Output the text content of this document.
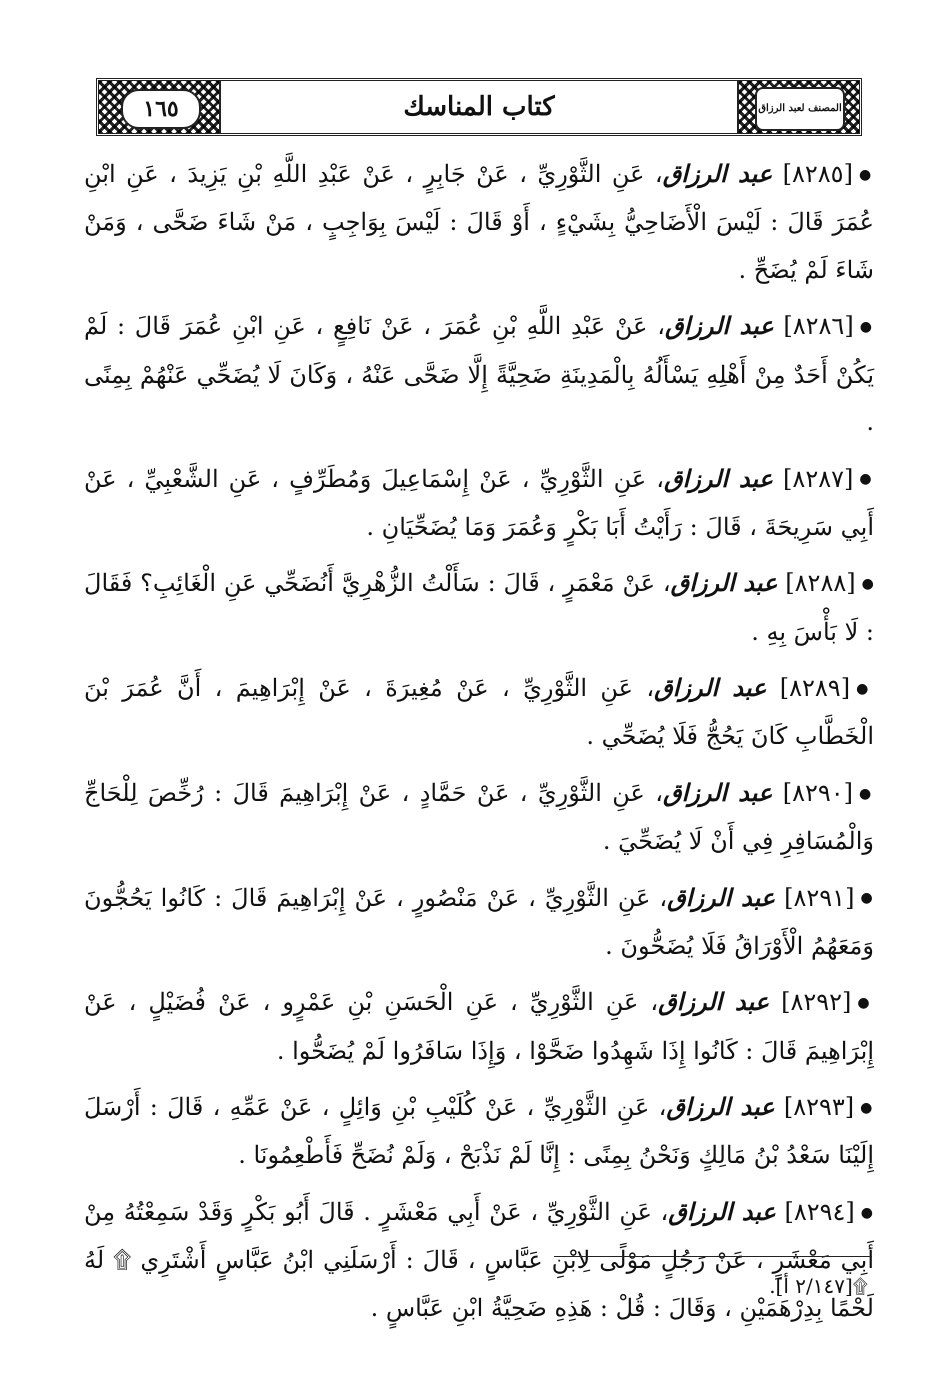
١٦٥	كتاب المناسك	المصنف لعبد الرزاق

●[٨٢٨٥] عبد الرزاق، عَنِ الثَّوْرِيِّ ، عَنْ جَابِرٍ ، عَنْ عَبْدِ اللَّهِ بْنِ يَزِيدَ ، عَنِ ابْنِ عُمَرَ قَالَ : لَيْسَ الْأَضَاحِيُّ بِشَيْءٍ ، أَوْ قَالَ : لَيْسَ بِوَاجِبٍ ، مَنْ شَاءَ ضَحَّى ، وَمَنْ شَاءَ لَمْ يُضَحِّ .

●[٨٢٨٦] عبد الرزاق، عَنْ عَبْدِ اللَّهِ بْنِ عُمَرَ ، عَنْ نَافِعٍ ، عَنِ ابْنِ عُمَرَ قَالَ : لَمْ يَكُنْ أَحَدٌ مِنْ أَهْلِهِ يَسْأَلُهُ بِالْمَدِينَةِ ضَحِيَّةً إِلَّا ضَحَّى عَنْهُ ، وَكَانَ لَا يُضَحِّي عَنْهُمْ بِمِنًى .

●[٨٢٨٧] عبد الرزاق، عَنِ الثَّوْرِيِّ ، عَنْ إِسْمَاعِيلَ وَمُطَرِّفٍ ، عَنِ الشَّعْبِيِّ ، عَنْ أَبِي سَرِيحَةَ ، قَالَ : رَأَيْتُ أَبَا بَكْرٍ وَعُمَرَ وَمَا يُضَحِّيَانِ .

●[٨٢٨٨] عبد الرزاق، عَنْ مَعْمَرٍ ، قَالَ : سَأَلْتُ الزُّهْرِيَّ أَنُضَحِّي عَنِ الْغَائِبِ؟ فَقَالَ : لَا بَأْسَ بِهِ .

●[٨٢٨٩] عبد الرزاق، عَنِ الثَّوْرِيِّ ، عَنْ مُغِيرَةَ ، عَنْ إِبْرَاهِيمَ ، أَنَّ عُمَرَ بْنَ الْخَطَّابِ كَانَ يَحُجُّ فَلَا يُضَحِّي .

●[٨٢٩٠] عبد الرزاق، عَنِ الثَّوْرِيِّ ، عَنْ حَمَّادٍ ، عَنْ إِبْرَاهِيمَ قَالَ : رُخِّصَ لِلْحَاجِّ وَالْمُسَافِرِ فِي أَنْ لَا يُضَحِّيَ .

●[٨٢٩١] عبد الرزاق، عَنِ الثَّوْرِيِّ ، عَنْ مَنْصُورٍ ، عَنْ إِبْرَاهِيمَ قَالَ : كَانُوا يَحُجُّونَ وَمَعَهُمُ الْأَوْرَاقُ فَلَا يُضَحُّونَ .

●[٨٢٩٢] عبد الرزاق، عَنِ الثَّوْرِيِّ ، عَنِ الْحَسَنِ بْنِ عَمْرٍو ، عَنْ فُضَيْلٍ ، عَنْ إِبْرَاهِيمَ قَالَ : كَانُوا إِذَا شَهِدُوا ضَحَّوْا ، وَإِذَا سَافَرُوا لَمْ يُضَحُّوا .

●[٨٢٩٣] عبد الرزاق، عَنِ الثَّوْرِيِّ ، عَنْ كُلَيْبِ بْنِ وَائِلٍ ، عَنْ عَمِّهِ ، قَالَ : أَرْسَلَ إِلَيْنَا سَعْدُ بْنُ مَالِكٍ وَنَحْنُ بِمِنًى : إِنَّا لَمْ نَذْبَحْ ، وَلَمْ نُضَحِّ فَأَطْعِمُونَا .

●[٨٢٩٤] عبد الرزاق، عَنِ الثَّوْرِيِّ ، عَنْ أَبِي مَعْشَرٍ . قَالَ أَبُو بَكْرٍ وَقَدْ سَمِعْتُهُ مِنْ أَبِي مَعْشَرٍ ، عَنْ رَجُلٍ مَوْلًى لِابْنِ عَبَّاسٍ ، قَالَ : أَرْسَلَنِي ابْنُ عَبَّاسٍ أَشْتَرِي ۩ لَهُ لَحْمًا بِدِرْهَمَيْنِ ، وَقَالَ : قُلْ : هَذِهِ ضَحِيَّةُ ابْنِ عَبَّاسٍ .

۩[٢/١٤٧ أ].
